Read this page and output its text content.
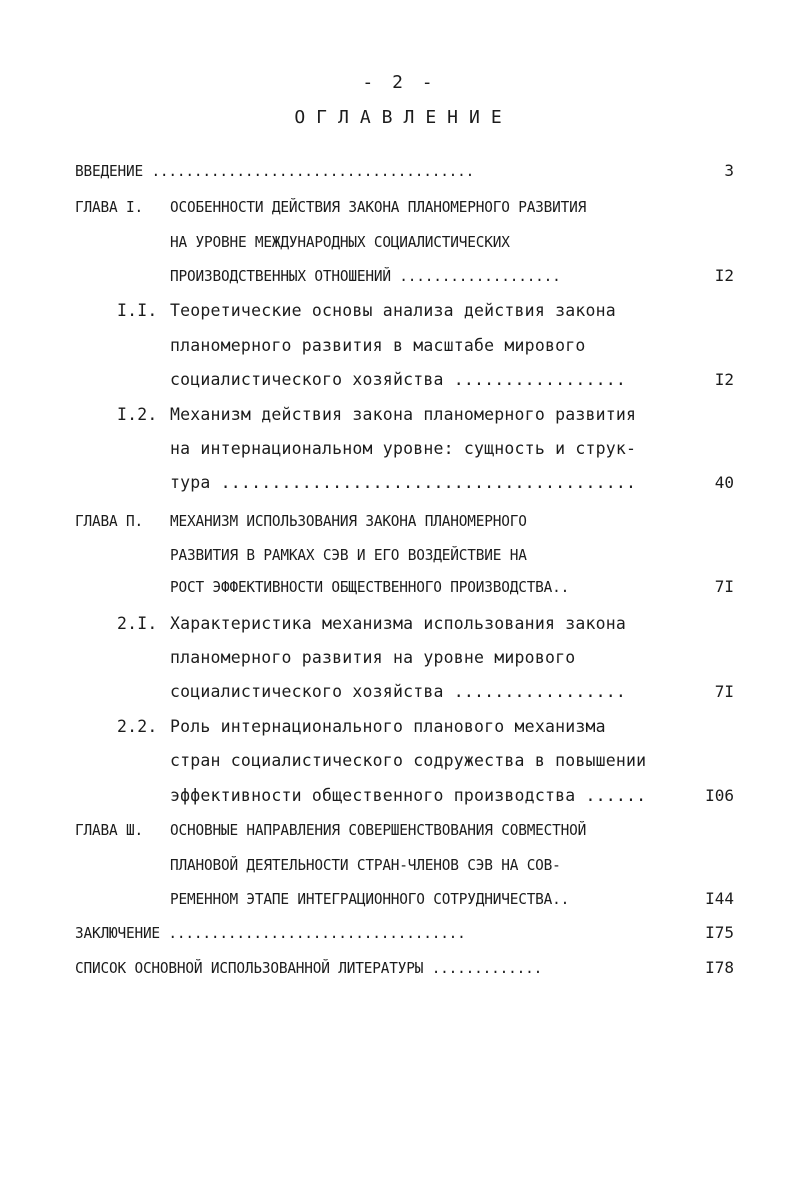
- 2 -
ОГЛАВЛЕНИЕ
ВВЕДЕНИЕ ......................................	3
ГЛАВА I. ОСОБЕННОСТИ ДЕЙСТВИЯ ЗАКОНА ПЛАНОМЕРНОГО РАЗВИТИЯ
НА УРОВНЕ МЕЖДУНАРОДНЫХ СОЦИАЛИСТИЧЕСКИХ
ПРОИЗВОДСТВЕННЫХ ОТНОШЕНИЙ ...................	I2
I.I. Теоретические основы анализа действия закона
планомерного развития в масштабе мирового
социалистического хозяйства .................	I2
I.2. Механизм действия закона планомерного развития
на интернациональном уровне: сущность и струк-
тура .........................................	40
ГЛАВА П. МЕХАНИЗМ ИСПОЛЬЗОВАНИЯ ЗАКОНА ПЛАНОМЕРНОГО
РАЗВИТИЯ В РАМКАХ СЭВ И ЕГО ВОЗДЕЙСТВИЕ НА
РОСТ ЭФФЕКТИВНОСТИ ОБЩЕСТВЕННОГО ПРОИЗВОДСТВА..	7I
2.I. Характеристика механизма использования закона
планомерного развития на уровне мирового
социалистического хозяйства .................	7I
2.2. Роль интернационального планового механизма
стран социалистического содружества в повышении
эффективности общественного производства ......	I06
ГЛАВА Ш. ОСНОВНЫЕ НАПРАВЛЕНИЯ СОВЕРШЕНСТВОВАНИЯ СОВМЕСТНОЙ
ПЛАНОВОЙ ДЕЯТЕЛЬНОСТИ СТРАН-ЧЛЕНОВ СЭВ НА СОВ-
РЕМЕННОМ ЭТАПЕ ИНТЕГРАЦИОННОГО СОТРУДНИЧЕСТВА..	I44
ЗАКЛЮЧЕНИЕ ...................................	I75
СПИСОК ОСНОВНОЙ ИСПОЛЬЗОВАННОЙ ЛИТЕРАТУРЫ .............	I78
